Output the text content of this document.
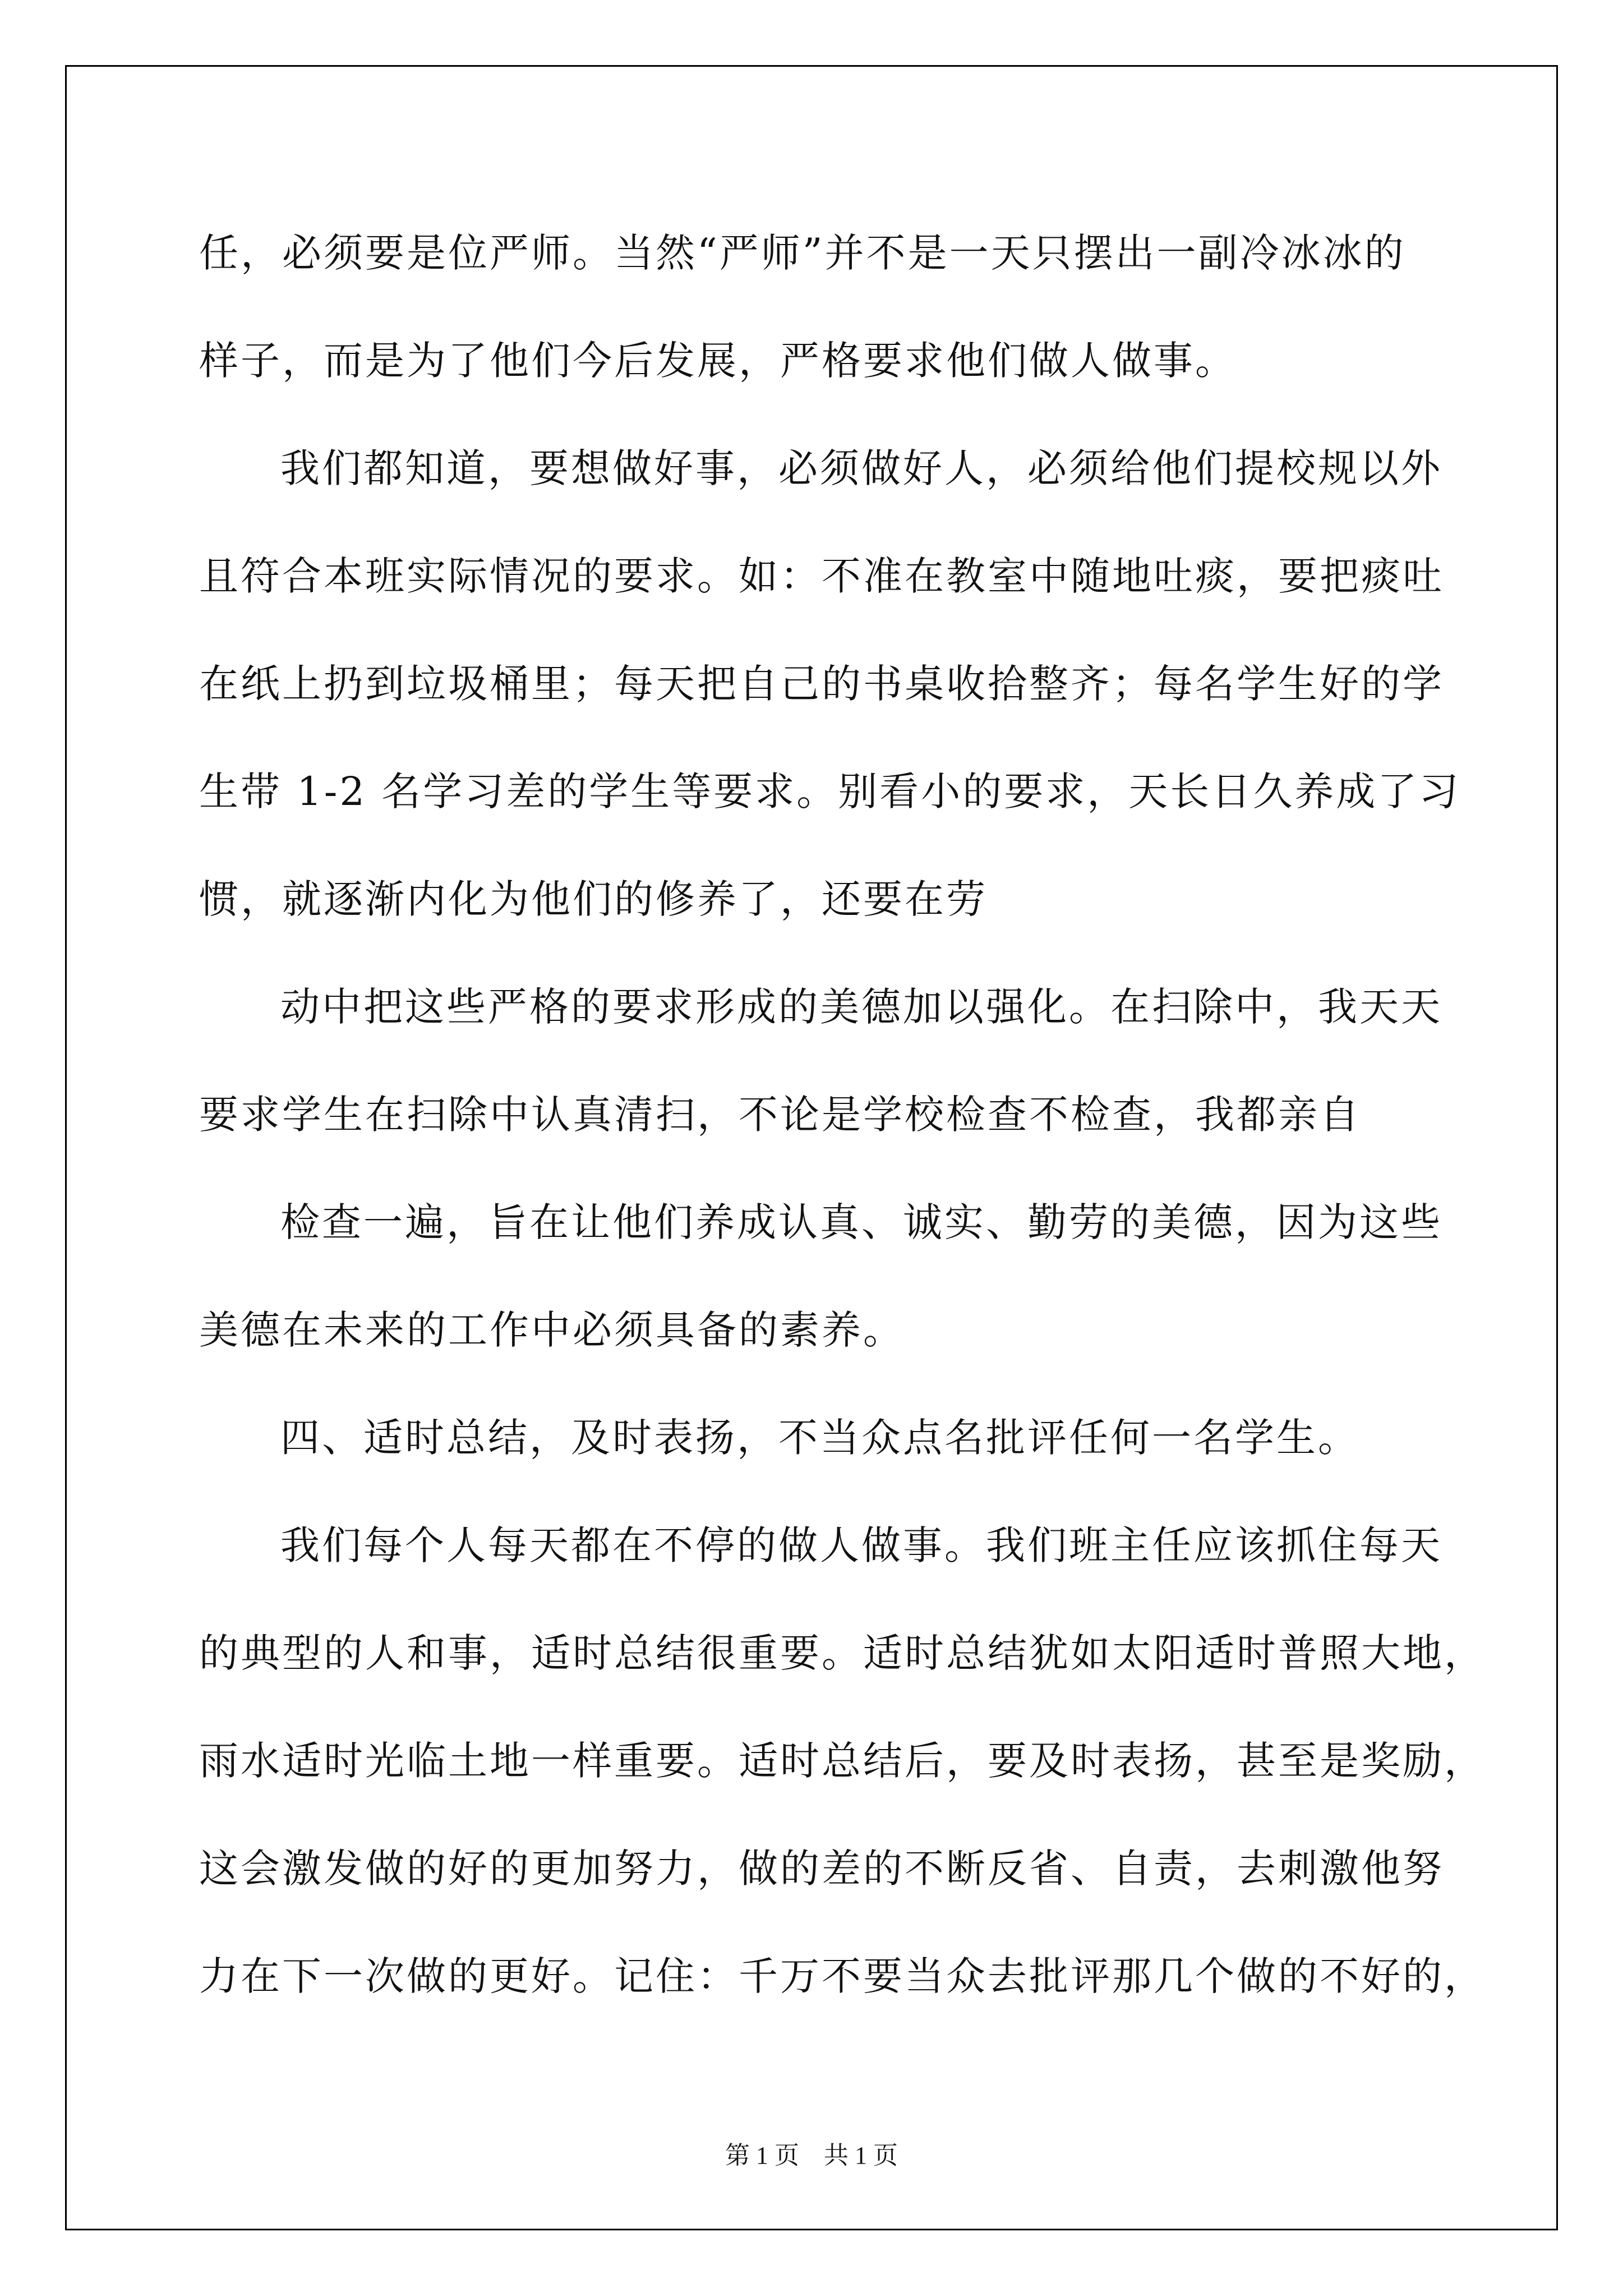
任，必须要是位严师。当然“严师”并不是一天只摆出一副冷冰冰的
样子，而是为了他们今后发展，严格要求他们做人做事。
我们都知道，要想做好事，必须做好人，必须给他们提校规以外
且符合本班实际情况的要求。如：不准在教室中随地吐痰，要把痰吐
在纸上扔到垃圾桶里；每天把自己的书桌收拾整齐；每名学生好的学
生带 1-2 名学习差的学生等要求。别看小的要求，天长日久养成了习
惯，就逐渐内化为他们的修养了，还要在劳
动中把这些严格的要求形成的美德加以强化。在扫除中，我天天
要求学生在扫除中认真清扫，不论是学校检查不检查，我都亲自
检查一遍，旨在让他们养成认真、诚实、勤劳的美德，因为这些
美德在未来的工作中必须具备的素养。
四、适时总结，及时表扬，不当众点名批评任何一名学生。
我们每个人每天都在不停的做人做事。我们班主任应该抓住每天
的典型的人和事，适时总结很重要。适时总结犹如太阳适时普照大地，
雨水适时光临土地一样重要。适时总结后，要及时表扬，甚至是奖励，
这会激发做的好的更加努力，做的差的不断反省、自责，去刺激他努
力在下一次做的更好。记住：千万不要当众去批评那几个做的不好的，
第 1 页　共 1 页
